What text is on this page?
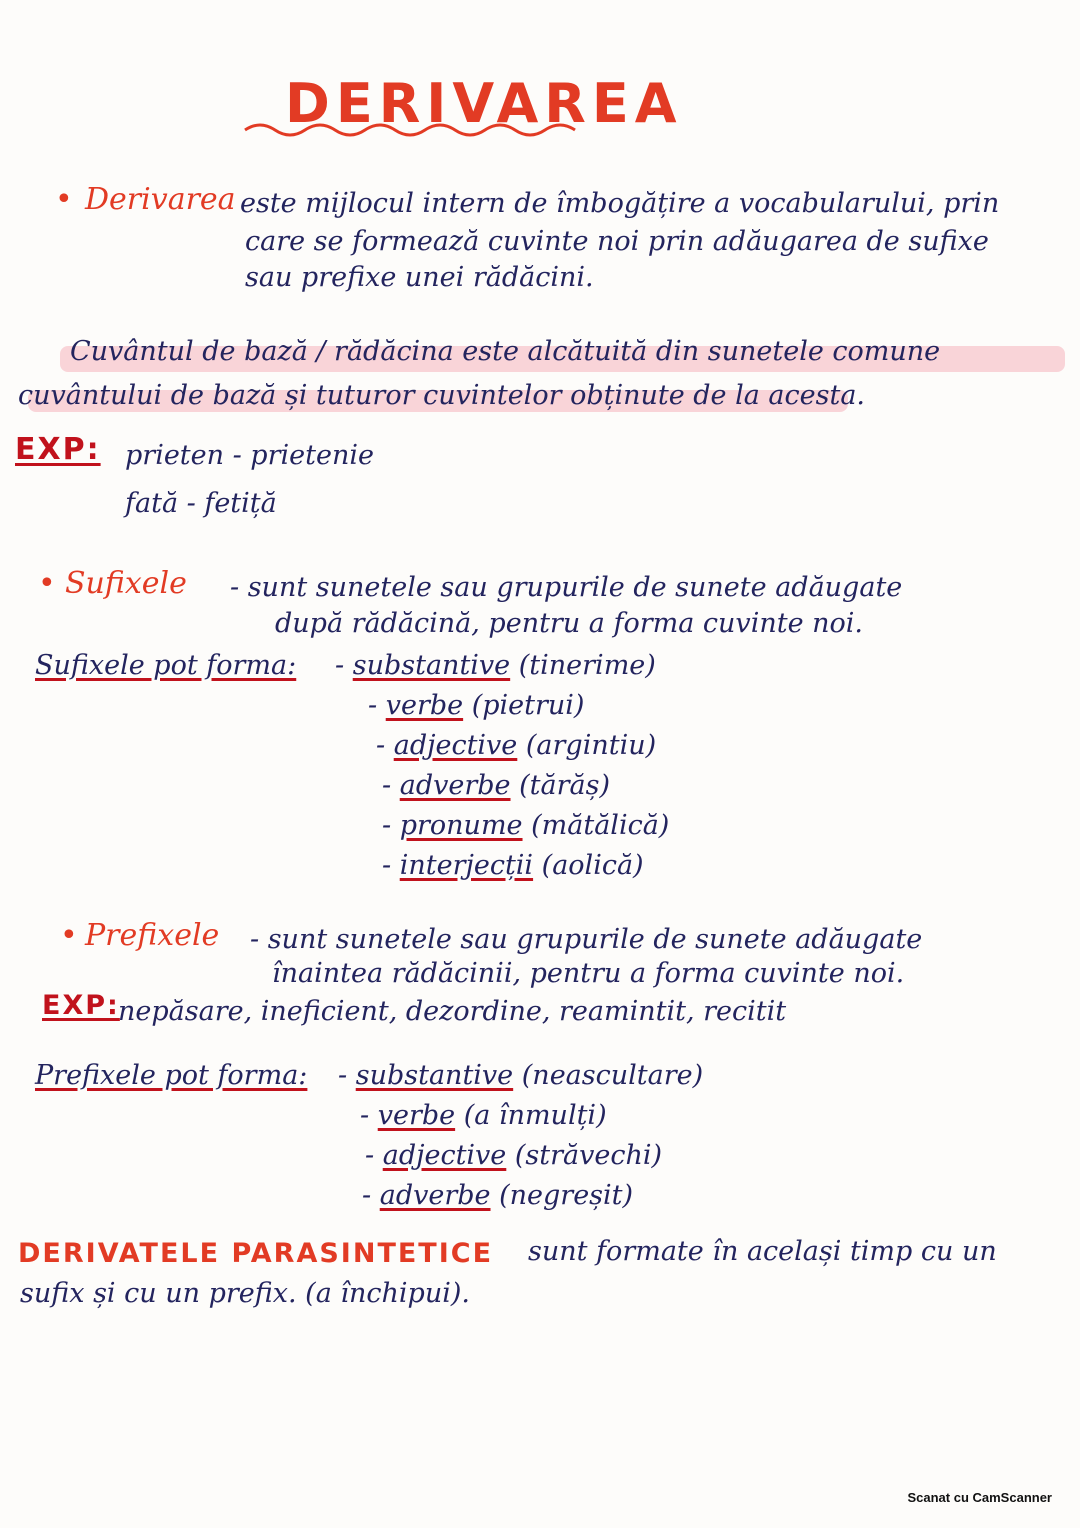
DERIVAREA
• Derivarea este mijlocul intern de îmbogățire a vocabularului, prin
care se formează cuvinte noi prin adăugarea de sufixe
sau prefixe unei rădăcini.
Cuvântul de bază / rădăcina este alcătuită din sunetele comune
cuvântului de bază și tuturor cuvintelor obținute de la acesta.
EXP: prieten - prietenie
fată - fetiță
• Sufixele - sunt sunetele sau grupurile de sunete adăugate
după rădăcină, pentru a forma cuvinte noi.
Sufixele pot forma: - substantive (tinerime)
- verbe (pietrui)
- adjective (argintiu)
- adverbe (tărăș)
- pronume (mătălică)
- interjecții (aolică)
• Prefixele - sunt sunetele sau grupurile de sunete adăugate
înaintea rădăcinii, pentru a forma cuvinte noi.
EXP:
nepăsare, ineficient, dezordine, reamintit, recitit
Prefixele pot forma: - substantive (neascultare)
- verbe (a înmulți)
- adjective (străvechi)
- adverbe (negreșit)
DERIVATELE PARASINTETICE sunt formate în același timp cu un
sufix și cu un prefix. (a închipui).
Scanat cu CamScanner
